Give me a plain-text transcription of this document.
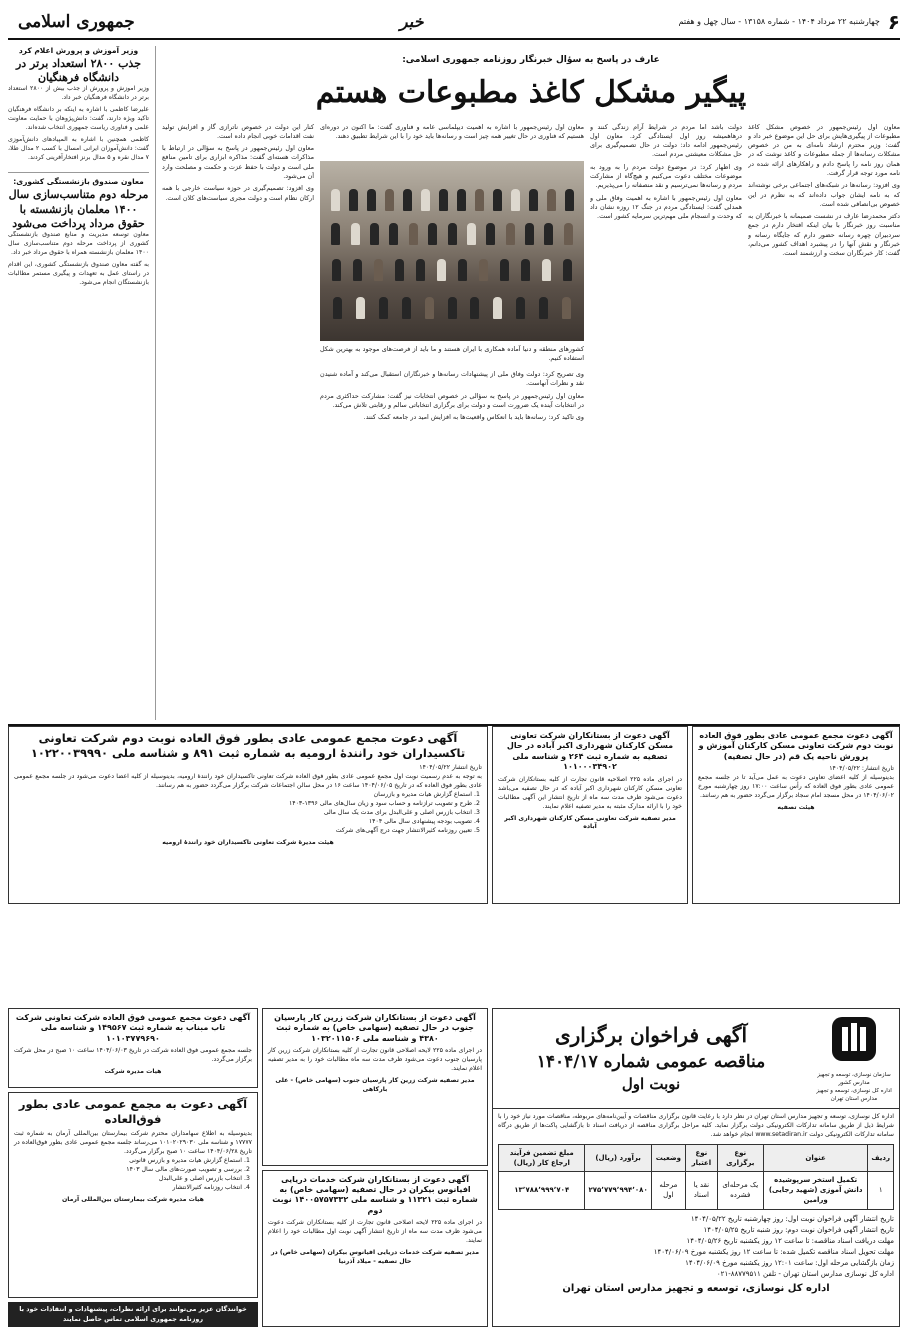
۶
چهارشنبه ۲۲ مرداد ۱۴۰۴ - شماره ۱۳۱۵۸ - سال چهل و هفتم
خبر
جمهوری اسلامی
عارف در پاسخ به سؤال خبرنگار روزنامه جمهوری اسلامی:
پیگیر مشکل کاغذ مطبوعات هستم

معاون اول رئیس‌جمهور در خصوص مشکل کاغذ مطبوعات از پیگیری‌هایش برای حل این موضوع خبر داد و گفت: وزیر محترم ارشاد نامه‌ای به من در خصوص مشکلات رسانه‌ها از جمله مطبوعات و کاغذ نوشت که در همان روز نامه را پاسخ دادم و راهکارهای ارائه شده در نامه مورد توجه قرار گرفت.

وی افزود: رسانه‌ها در شبکه‌های اجتماعی برخی نوشته‌اند که به نامه ایشان جواب داده‌اند که به نظرم در این خصوص بی‌انصافی شده است.

دکتر محمدرضا عارف در نشست صمیمانه با خبرنگاران به مناسبت روز خبرنگار با بیان اینکه افتخار دارم در جمع سردبیران چهره رسانه حضور دارم که جایگاه رسانه و خبرنگار و نقش آنها را در پیشبرد اهداف کشور می‌دانم، گفت: کار خبرنگاران سخت و ارزشمند است.

دولت باشد اما مردم در شرایط آرام زندگی کنند و درهاهمیشه روز اول ایستادگی کرد. معاون اول رئیس‌جمهور ادامه داد: دولت در حال تصمیم‌گیری برای حل مشکلات معیشتی مردم است.

وی اظهار کرد: در موضوع دولت مردم را به ورود به موضوعات مختلف دعوت می‌کنیم و هیچ‌گاه از مشارکت مردم و رسانه‌ها نمی‌ترسیم و نقد منصفانه را می‌پذیریم.

معاون اول رئیس‌جمهور با اشاره به اهمیت وفاق ملی و همدلی گفت: ایستادگی مردم در جنگ ۱۲ روزه نشان داد که وحدت و انسجام ملی مهم‌ترین سرمایه کشور است.

معاون اول رئیس‌جمهور با اشاره به اهمیت دیپلماسی عامه و فناوری گفت: ما اکنون در دوره‌ای هستیم که فناوری در حال تغییر همه چیز است و رسانه‌ها باید خود را با این شرایط تطبیق دهند.

کشورهای منطقه و دنیا آماده همکاری با ایران هستند و ما باید از فرصت‌های موجود به بهترین شکل استفاده کنیم.

وی تصریح کرد: دولت وفاق ملی از پیشنهادات رسانه‌ها و خبرنگاران استقبال می‌کند و آماده شنیدن نقد و نظرات آنهاست.

معاون اول رئیس‌جمهور در پاسخ به سؤالی در خصوص انتخابات نیز گفت: مشارکت حداکثری مردم در انتخابات آینده یک ضرورت است و دولت برای برگزاری انتخاباتی سالم و رقابتی تلاش می‌کند.

وی تاکید کرد: رسانه‌ها باید با انعکاس واقعیت‌ها به افزایش امید در جامعه کمک کنند.

کنار این دولت در خصوص ناترازی گاز و افزایش تولید نفت اقدامات خوبی انجام داده است.

معاون اول رئیس‌جمهور در پاسخ به سؤالی در ارتباط با مذاکرات هسته‌ای گفت: مذاکره ابزاری برای تامین منافع ملی است و دولت با حفظ عزت و حکمت و مصلحت وارد آن می‌شود.

وی افزود: تصمیم‌گیری در حوزه سیاست خارجی با همه ارکان نظام است و دولت مجری سیاست‌های کلان است.

وزیر آموزش و پرورش اعلام کرد
جذب ۲۸۰۰ استعداد برتر در دانشگاه فرهنگیان

وزیر آموزش و پرورش از جذب بیش از ۲۸۰۰ استعداد برتر در دانشگاه فرهنگیان خبر داد.

علیرضا کاظمی با اشاره به اینکه بر دانشگاه فرهنگیان تاکید ویژه دارند، گفت: دانش‌پژوهان با حمایت معاونت علمی و فناوری ریاست جمهوری انتخاب شده‌اند.

کاظمی همچنین با اشاره به المپیادهای دانش‌آموزی گفت: دانش‌آموزان ایرانی امسال با کسب ۲ مدال طلا، ۷ مدال نقره و ۵ مدال برنز افتخارآفرینی کردند.

معاون صندوق بازنشستگی کشوری:
مرحله دوم متناسب‌سازی سال ۱۴۰۰ معلمان بازنشسته با حقوق مرداد پرداخت می‌شود

معاون توسعه مدیریت و منابع صندوق بازنشستگی کشوری از پرداخت مرحله دوم متناسب‌سازی سال ۱۴۰۰ معلمان بازنشسته همراه با حقوق مرداد خبر داد.

به گفته معاون صندوق بازنشستگی کشوری، این اقدام در راستای عمل به تعهدات و پیگیری مستمر مطالبات بازنشستگان انجام می‌شود.

آگهی دعوت مجمع عمومی عادی بطور فوق العاده نوبت دوم شرکت تعاونی مسکن کارکنان آموزش و پرورش ناحیه یک قم (در حال تصفیه)
تاریخ انتشار: ۱۴۰۴/۰۵/۲۲
بدینوسیله از کلیه اعضای تعاونی دعوت به عمل می‌آید تا در جلسه مجمع عمومی عادی بطور فوق العاده که رأس ساعت ۱۷:۰۰ روز چهارشنبه مورخ ۱۴۰۴/۰۶/۰۲ در محل مسجد امام سجاد برگزار می‌گردد حضور به هم رسانند.
هیئت تصفیه
آگهی دعوت از بستانکاران شرکت تعاونی مسکن کارکنان شهرداری اکبر آباده در حال تصفیه به شماره ثبت ۲۶۴ و شناسه ملی ۱۰۱۰۰۰۳۴۹۰۲
در اجرای ماده ۲۲۵ اصلاحیه قانون تجارت از کلیه بستانکاران شرکت تعاونی مسکن کارکنان شهرداری اکبر آباده که در حال تصفیه می‌باشد دعوت می‌شود ظرف مدت سه ماه از تاریخ انتشار این آگهی مطالبات خود را با ارائه مدارک مثبته به مدیر تصفیه اعلام نمایند.
مدیر تصفیه شرکت تعاونی مسکن کارکنان شهرداری اکبر آباده
آگهی دعوت مجمع عمومی عادی بطور فوق العاده نوبت دوم شرکت تعاونی تاکسیداران خود رانندۀ ارومیه به شماره ثبت ۸۹۱ و شناسه ملی ۱۰۲۲۰۰۳۹۹۹۰
تاریخ انتشار ۱۴۰۴/۰۵/۲۲
به توجه به عدم رسمیت نوبت اول مجمع عمومی عادی بطور فوق العاده شرکت تعاونی تاکسیداران خود رانندۀ ارومیه، بدینوسیله از کلیه اعضا دعوت می‌شود در جلسه مجمع عمومی عادی بطور فوق العاده که در تاریخ ۱۴۰۴/۰۶/۰۵ ساعت ۱۶ در محل سالن اجتماعات شرکت برگزار می‌گردد حضور به هم رسانند.
1. استماع گزارش هیات مدیره و بازرسان
2. طرح و تصویب ترازنامه و حساب سود و زیان سال‌های مالی ۱۳۹۶-۱۴۰۳
3. انتخاب بازرس اصلی و علی‌البدل برای مدت یک سال مالی
4. تصویب بودجه پیشنهادی سال مالی ۱۴۰۴
5. تعیین روزنامه کثیرالانتشار جهت درج آگهی‌های شرکت
هیئت مدیرۀ شرکت تعاونی تاکسیداران خود رانندۀ ارومیه
سازمان نوسازی، توسعه و تجهیز مدارس کشور
اداره کل نوسازی، توسعه و تجهیز مدارس استان تهران
آگهی فراخوان برگزاری
مناقصه عمومی شماره ۱۴۰۴/۱۷
نوبت اول
اداره کل نوسازی، توسعه و تجهیز مدارس استان تهران در نظر دارد با رعایت قانون برگزاری مناقصات و آیین‌نامه‌های مربوطه، مناقصات مورد نیاز خود را با شرایط ذیل از طریق سامانه تدارکات الکترونیکی دولت برگزار نماید. کلیه مراحل برگزاری مناقصه از دریافت اسناد تا بازگشایی پاکت‌ها از طریق درگاه سامانه تدارکات الکترونیکی دولت www.setadiran.ir انجام خواهد شد.
ردیف	عنوان	نوع برگزاری	نوع اعتبار	وضعیت	برآورد (ریال)	مبلغ تضمین فرآیند ارجاع کار (ریال)
۱	تکمیل استخر سرپوشیده دانش آموزی (شهید رجایی) ورامین	یک مرحله‌ای فشرده	نقد یا اسناد	مرحله اول	۲۷۵٬۷۷۹٬۹۹۴٬۰۸۰	۱۳٬۷۸۸٬۹۹۹٬۷۰۴
تاریخ انتشار آگهی فراخوان نوبت اول: روز چهارشنبه تاریخ ۱۴۰۴/۰۵/۲۲
تاریخ انتشار آگهی فراخوان نوبت دوم: روز شنبه تاریخ ۱۴۰۴/۰۵/۲۵
مهلت دریافت اسناد مناقصه: تا ساعت ۱۲ روز یکشنبه تاریخ ۱۴۰۴/۰۵/۲۶
مهلت تحویل اسناد مناقصه تکمیل شده: تا ساعت ۱۲ روز یکشنبه مورخ ۱۴۰۴/۰۶/۰۹
زمان بازگشایی مرحله اول: ساعت ۱۲:۰۱ روز یکشنبه مورخ ۱۴۰۴/۰۶/۰۹
اداره کل نوسازی مدارس استان تهران - تلفن ۸۸۷۷۹۵۱۱-۰۲۱
اداره کل نوسازی، توسعه و تجهیز مدارس استان تهران
آگهی دعوت از بستانکاران شرکت زرین کار پارسیان جنوب در حال تصفیه (سهامی خاص) به شماره ثبت ۴۳۸۰ و شناسه ملی ۱۰۳۲۰۱۱۵۰۶
در اجرای ماده ۲۲۵ لایحه اصلاحی قانون تجارت از کلیه بستانکاران شرکت زرین کار پارسیان جنوب دعوت می‌شود ظرف مدت سه ماه مطالبات خود را به مدیر تصفیه اعلام نمایند.
مدیر تصفیه شرکت زرین کار پارسیان جنوب (سهامی خاص) - علی بارکاهی
آگهی دعوت از بستانکاران شرکت خدمات دریایی افیانوس بیکران در حال تصفیه (سهامی خاص) به شماره ثبت ۱۱۳۲۱ و شناسه ملی ۱۴۰۰۵۷۵۷۳۳۲ نوبت دوم
در اجرای ماده ۲۲۵ لایحه اصلاحی قانون تجارت از کلیه بستانکاران شرکت دعوت می‌شود ظرف مدت سه ماه از تاریخ انتشار آگهی نوبت اول مطالبات خود را اعلام نمایند.
مدیر تصفیه شرکت خدمات دریایی افیانوس بیکران (سهامی خاص) در حال تصفیه - میلاد آذرنیا
آگهی دعوت مجمع عمومی فوق العاده شرکت تعاونی شرکت تاب مبناب به شماره ثبت ۱۴۹۵۶۷ و شناسه ملی ۱۰۱۰۳۷۷۹۶۹۰
جلسه مجمع عمومی فوق العاده شرکت در تاریخ ۱۴۰۴/۰۶/۰۳ ساعت ۱۰ صبح در محل شرکت برگزار می‌گردد.
هیات مدیره شرکت
آگهی دعوت به مجمع عمومی عادی بطور فوق‌العاده
بدینوسیله به اطلاع سهامداران محترم شرکت بیمارستان بین‌المللی آرمان به شماره ثبت ۱۷۷۷۷ و شناسه ملی ۱۰۱۰۲۰۲۹۰۳۰ می‌رساند جلسه مجمع عمومی عادی بطور فوق‌العاده در تاریخ ۱۴۰۴/۰۶/۲۸ ساعت ۱۰ صبح برگزار می‌گردد.
1. استماع گزارش هیات مدیره و بازرس قانونی
2. بررسی و تصویب صورت‌های مالی سال ۱۴۰۳
3. انتخاب بازرس اصلی و علی‌البدل
4. انتخاب روزنامه کثیرالانتشار
هیات مدیره شرکت بیمارستان بین‌المللی آرمان
خوانندگان عزیز می‌توانند برای ارائه نظرات، پیشنهادات و انتقادات خود با روزنامه جمهوری اسلامی تماس حاصل نمایند
